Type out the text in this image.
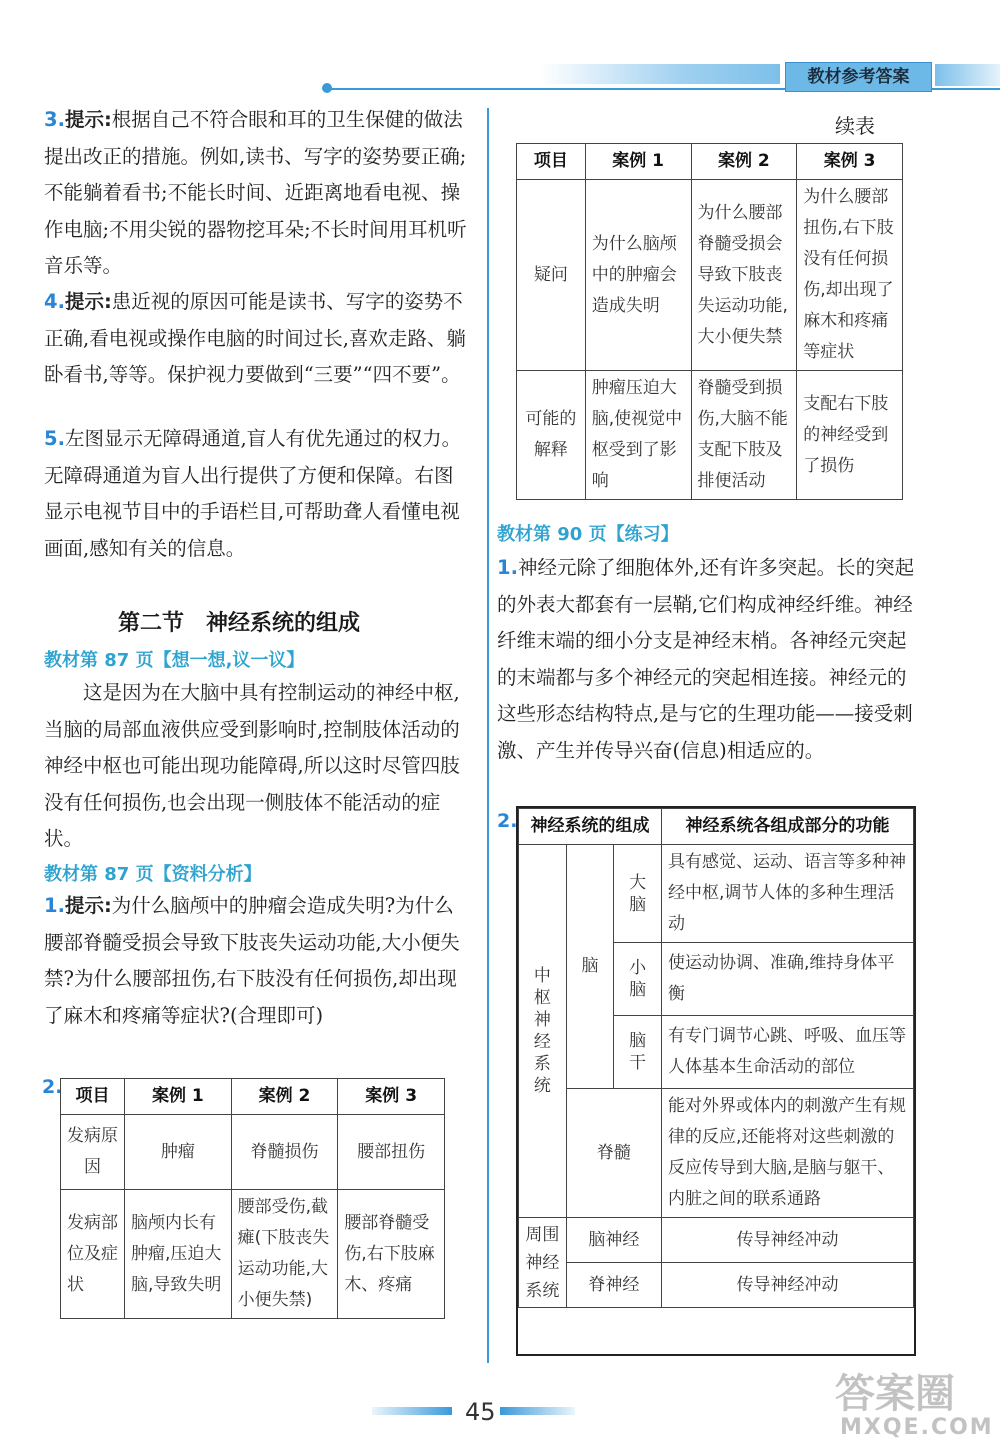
教材参考答案
3.提示:根据自己不符合眼和耳的卫生保健的做法提出改正的措施。例如,读书、写字的姿势要正确;不能躺着看书;不能长时间、近距离地看电视、操作电脑;不用尖锐的器物挖耳朵;不长时间用耳机听音乐等。
4.提示:患近视的原因可能是读书、写字的姿势不正确,看电视或操作电脑的时间过长,喜欢走路、躺卧看书,等等。保护视力要做到“三要”“四不要”。
5.左图显示无障碍通道,盲人有优先通过的权力。无障碍通道为盲人出行提供了方便和保障。右图显示电视节目中的手语栏目,可帮助聋人看懂电视画面,感知有关的信息。
第二节　神经系统的组成
教材第 87 页【想一想,议一议】
这是因为在大脑中具有控制运动的神经中枢,当脑的局部血液供应受到影响时,控制肢体活动的神经中枢也可能出现功能障碍,所以这时尽管四肢没有任何损伤,也会出现一侧肢体不能活动的症状。
教材第 87 页【资料分析】
1.提示:为什么脑颅中的肿瘤会造成失明?为什么腰部脊髓受损会导致下肢丧失运动功能,大小便失禁?为什么腰部扭伤,右下肢没有任何损伤,却出现了麻木和疼痛等症状?(合理即可)
2. 项目	案例 1	案例 2	案例 3
发病原因	肿瘤	脊髓损伤	腰部扭伤
发病部位及症状	脑颅内长有肿瘤,压迫大脑,导致失明	腰部受伤,截瘫(下肢丧失运动功能,大小便失禁)	腰部脊髓受伤,右下肢麻木、疼痛
续表
项目	案例 1	案例 2	案例 3
疑问	为什么脑颅中的肿瘤会造成失明	为什么腰部脊髓受损会导致下肢丧失运动功能,大小便失禁	为什么腰部扭伤,右下肢没有任何损伤,却出现了麻木和疼痛等症状
可能的解释	肿瘤压迫大脑,使视觉中枢受到了影响	脊髓受到损伤,大脑不能支配下肢及排便活动	支配右下肢的神经受到了损伤
教材第 90 页【练习】
1.神经元除了细胞体外,还有许多突起。长的突起的外表大都套有一层鞘,它们构成神经纤维。神经纤维末端的细小分支是神经末梢。各神经元突起的末端都与多个神经元的突起相连接。神经元的这些形态结构特点,是与它的生理功能——接受刺激、产生并传导兴奋(信息)相适应的。
2. 神经系统的组成			神经系统各组成部分的功能
中枢神经系统	脑	大脑	具有感觉、运动、语言等多种神经中枢,调节人体的多种生理活动
		小脑	使运动协调、准确,维持身体平衡
		脑干	有专门调节心跳、呼吸、血压等人体基本生命活动的部位
	脊髓		能对外界或体内的刺激产生有规律的反应,还能将对这些刺激的反应传导到大脑,是脑与躯干、内脏之间的联系通路
周围神经系统	脑神经		传导神经冲动
	脊神经		传导神经冲动
45	答案圈
MXQE.COM
